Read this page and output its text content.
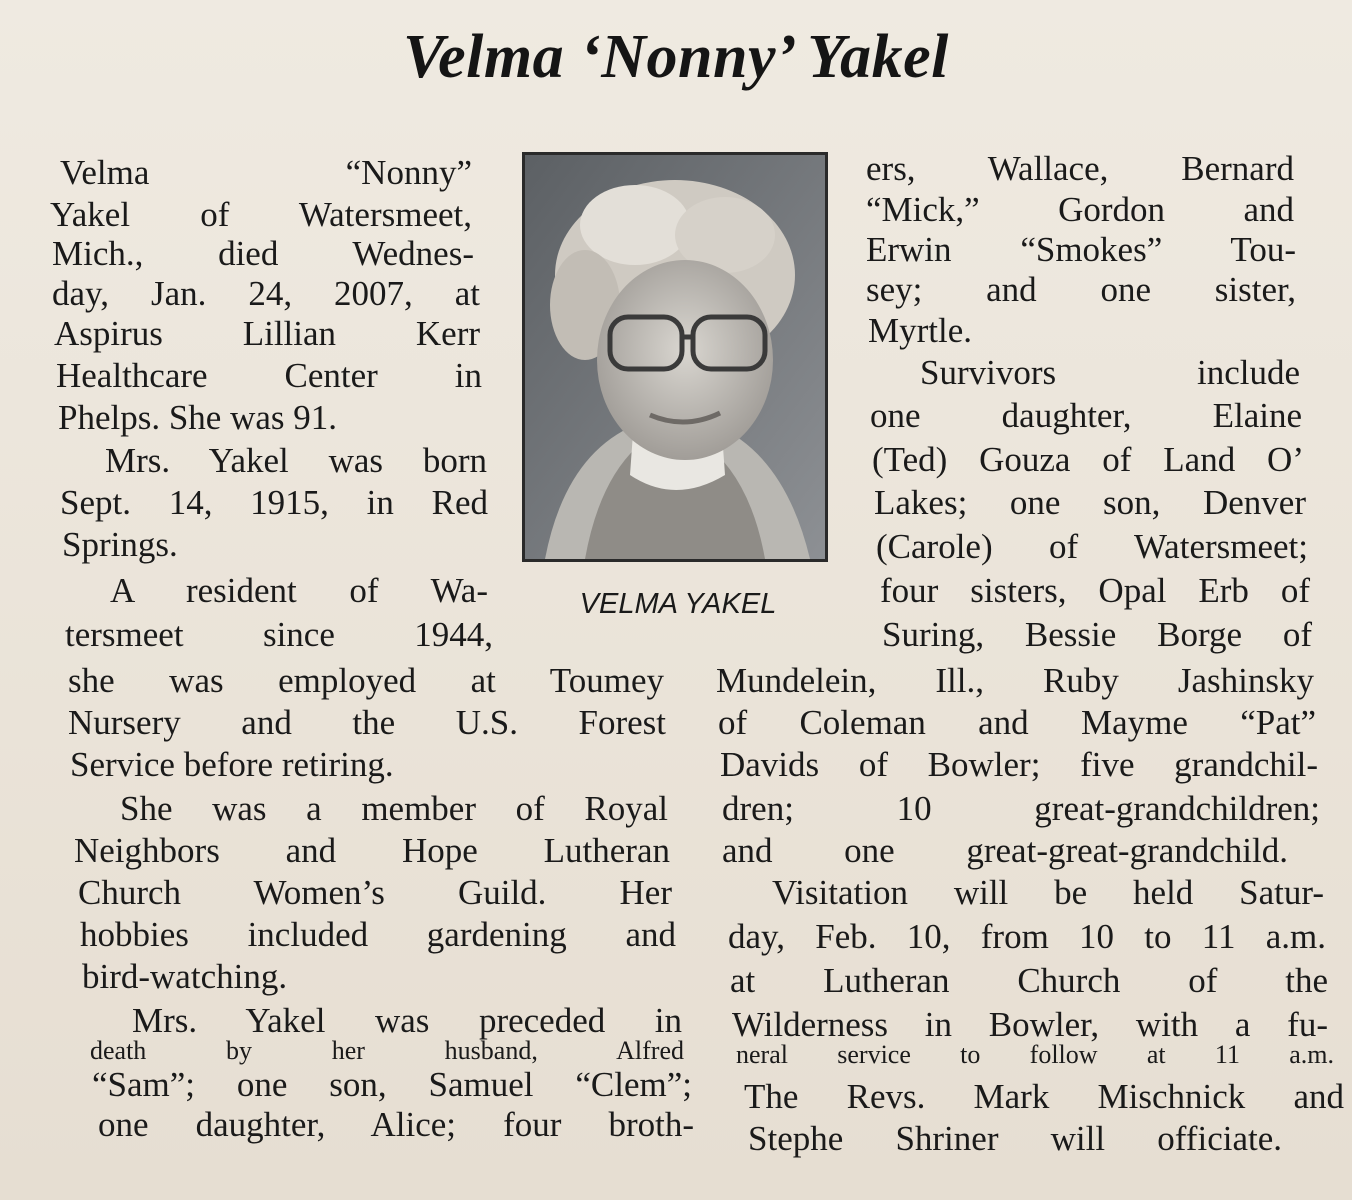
Velma ‘Nonny’ Yakel
VELMA YAKEL
Velma “Nonny”
Yakel of Watersmeet,
Mich., died Wednes-
day, Jan. 24, 2007, at
Aspirus Lillian Kerr
Healthcare Center in
Phelps. She was 91.
Mrs. Yakel was born
Sept. 14, 1915, in Red
Springs.
A resident of Wa-
tersmeet since 1944,
she was employed at Toumey
Nursery and the U.S. Forest
Service before retiring.
She was a member of Royal
Neighbors and Hope Lutheran
Church Women’s Guild. Her
hobbies included gardening and
bird-watching.
Mrs. Yakel was preceded in
death by her husband, Alfred
“Sam”; one son, Samuel “Clem”;
one daughter, Alice; four broth-
ers, Wallace, Bernard
“Mick,” Gordon and
Erwin “Smokes” Tou-
sey; and one sister,
Myrtle.
Survivors include
one daughter, Elaine
(Ted) Gouza of Land O’
Lakes; one son, Denver
(Carole) of Watersmeet;
four sisters, Opal Erb of
Suring, Bessie Borge of
Mundelein, Ill., Ruby Jashinsky
of Coleman and Mayme “Pat”
Davids of Bowler; five grandchil-
dren; 10 great-grandchildren;
and one great-great-grandchild.
Visitation will be held Satur-
day, Feb. 10, from 10 to 11 a.m.
at Lutheran Church of the
Wilderness in Bowler, with a fu-
neral service to follow at 11 a.m.
The Revs. Mark Mischnick and
Stephe Shriner will officiate.
